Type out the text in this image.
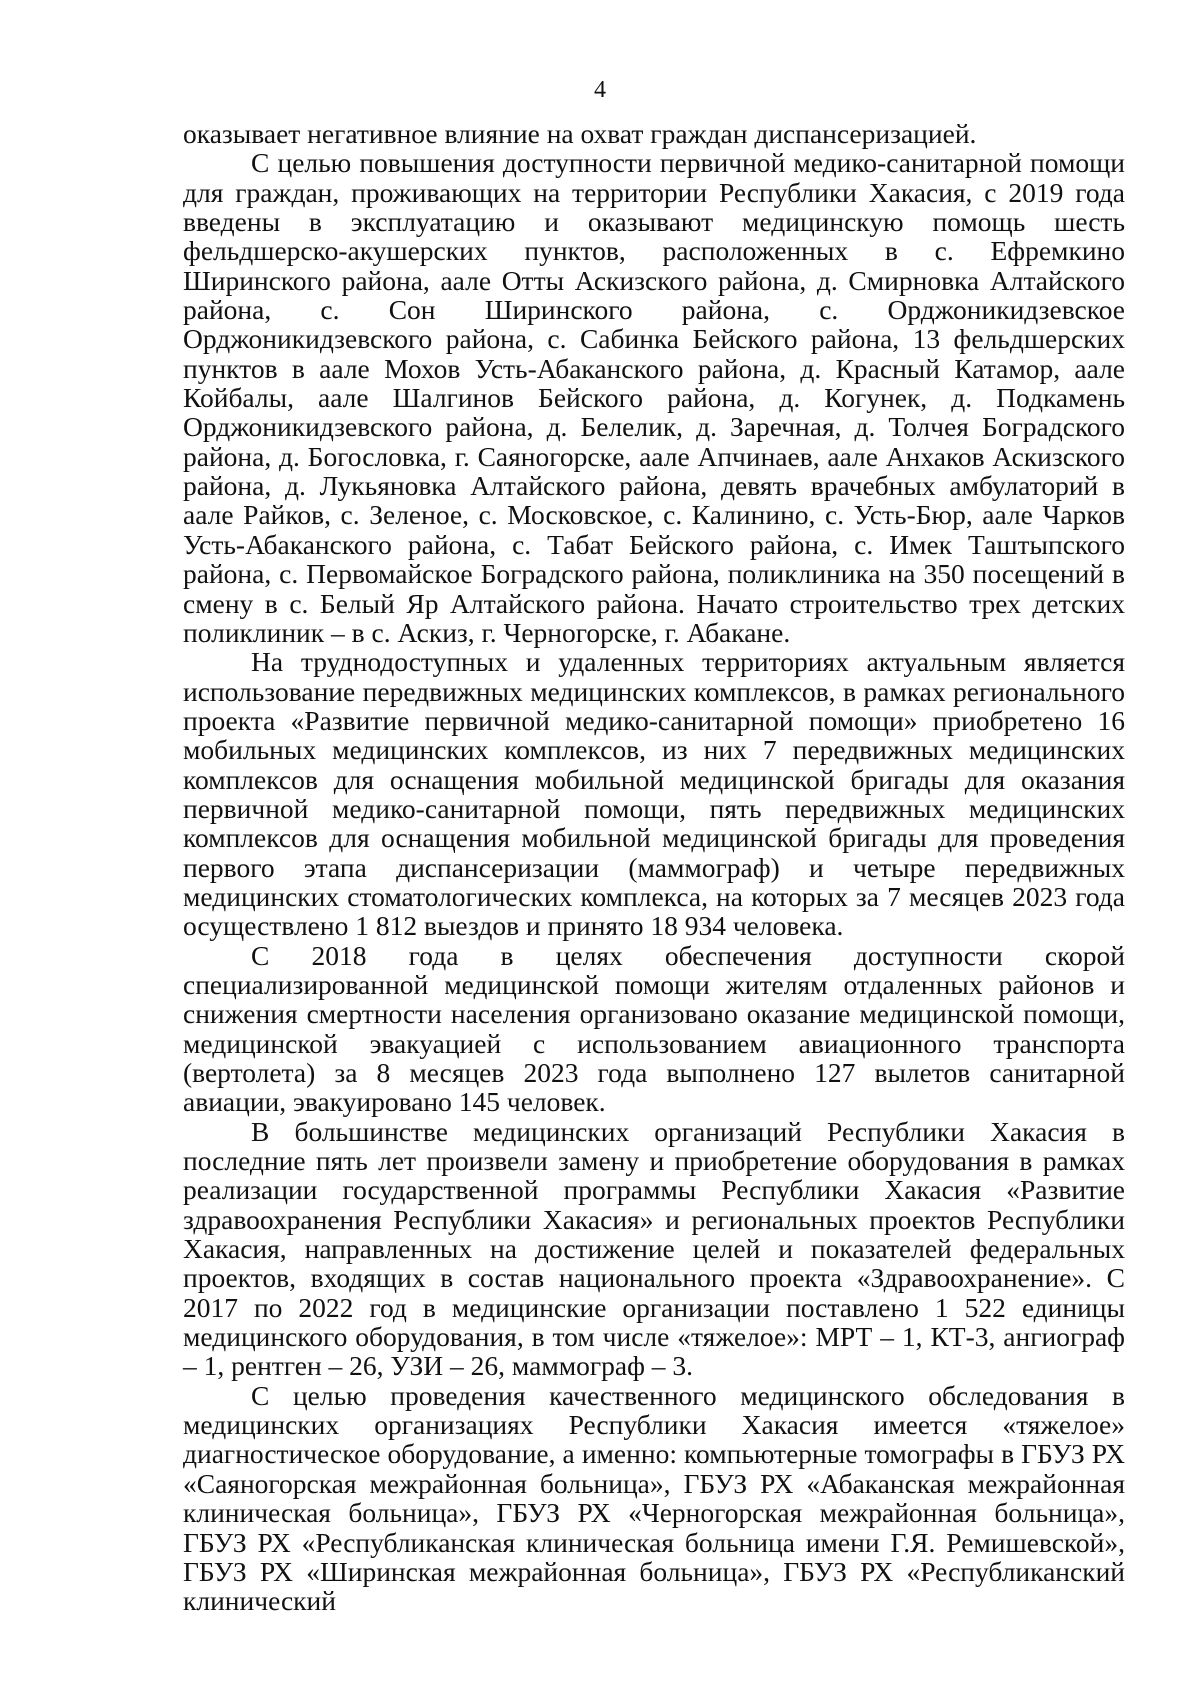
4

оказывает негативное влияние на охват граждан диспансеризацией.

С целью повышения доступности первичной медико-санитарной помощи для граждан, проживающих на территории Республики Хакасия, с 2019 года введены в эксплуатацию и оказывают медицинскую помощь шесть фельдшерско-акушерских пунктов, расположенных в с. Ефремкино Ширинского района, аале Отты Аскизского района, д. Смирновка Алтайского района, с. Сон Ширинского района, с. Орджоникидзевское Орджоникидзевского района, с. Сабинка Бейского района, 13 фельдшерских пунктов в аале Мохов Усть-Абаканского района, д. Красный Катамор, аале Койбалы, аале Шалгинов Бейского района, д. Когунек, д. Подкамень Орджоникидзевского района, д. Белелик, д. Заречная, д. Толчея Боградского района, д. Богословка, г. Саяногорске, аале Апчинаев, аале Анхаков Аскизского района, д. Лукьяновка Алтайского района, девять врачебных амбулаторий в аале Райков, с. Зеленое, с. Московское, с. Калинино, с. Усть-Бюр, аале Чарков Усть-Абаканского района, с. Табат Бейского района, с. Имек Таштыпского района, с. Первомайское Боградского района, поликлиника на 350 посещений в смену в с. Белый Яр Алтайского района. Начато строительство трех детских поликлиник – в с. Аскиз, г. Черногорске, г. Абакане.

На труднодоступных и удаленных территориях актуальным является использование передвижных медицинских комплексов, в рамках регионального проекта «Развитие первичной медико-санитарной помощи» приобретено 16 мобильных медицинских комплексов, из них 7 передвижных медицинских комплексов для оснащения мобильной медицинской бригады для оказания первичной медико-санитарной помощи, пять передвижных медицинских комплексов для оснащения мобильной медицинской бригады для проведения первого этапа диспансеризации (маммограф) и четыре передвижных медицинских стоматологических комплекса, на которых за 7 месяцев 2023 года осуществлено 1 812 выездов и принято 18 934 человека.

С 2018 года в целях обеспечения доступности скорой специализированной медицинской помощи жителям отдаленных районов и снижения смертности населения организовано оказание медицинской помощи, медицинской эвакуацией с использованием авиационного транспорта (вертолета) за 8 месяцев 2023 года выполнено 127 вылетов санитарной авиации, эвакуировано 145 человек.

В большинстве медицинских организаций Республики Хакасия в последние пять лет произвели замену и приобретение оборудования в рамках реализации государственной программы Республики Хакасия «Развитие здравоохранения Республики Хакасия» и региональных проектов Республики Хакасия, направленных на достижение целей и показателей федеральных проектов, входящих в состав национального проекта «Здравоохранение». С 2017 по 2022 год в медицинские организации поставлено 1 522 единицы медицинского оборудования, в том числе «тяжелое»: МРТ – 1, КТ-3, ангиограф – 1, рентген – 26, УЗИ – 26, маммограф – 3.

С целью проведения качественного медицинского обследования в медицинских организациях Республики Хакасия имеется «тяжелое» диагностическое оборудование, а именно: компьютерные томографы в ГБУЗ РХ «Саяногорская межрайонная больница», ГБУЗ РХ «Абаканская межрайонная клиническая больница», ГБУЗ РХ «Черногорская межрайонная больница», ГБУЗ РХ «Республиканская клиническая больница имени Г.Я. Ремишевской», ГБУЗ РХ «Ширинская межрайонная больница», ГБУЗ РХ «Республиканский клинический
